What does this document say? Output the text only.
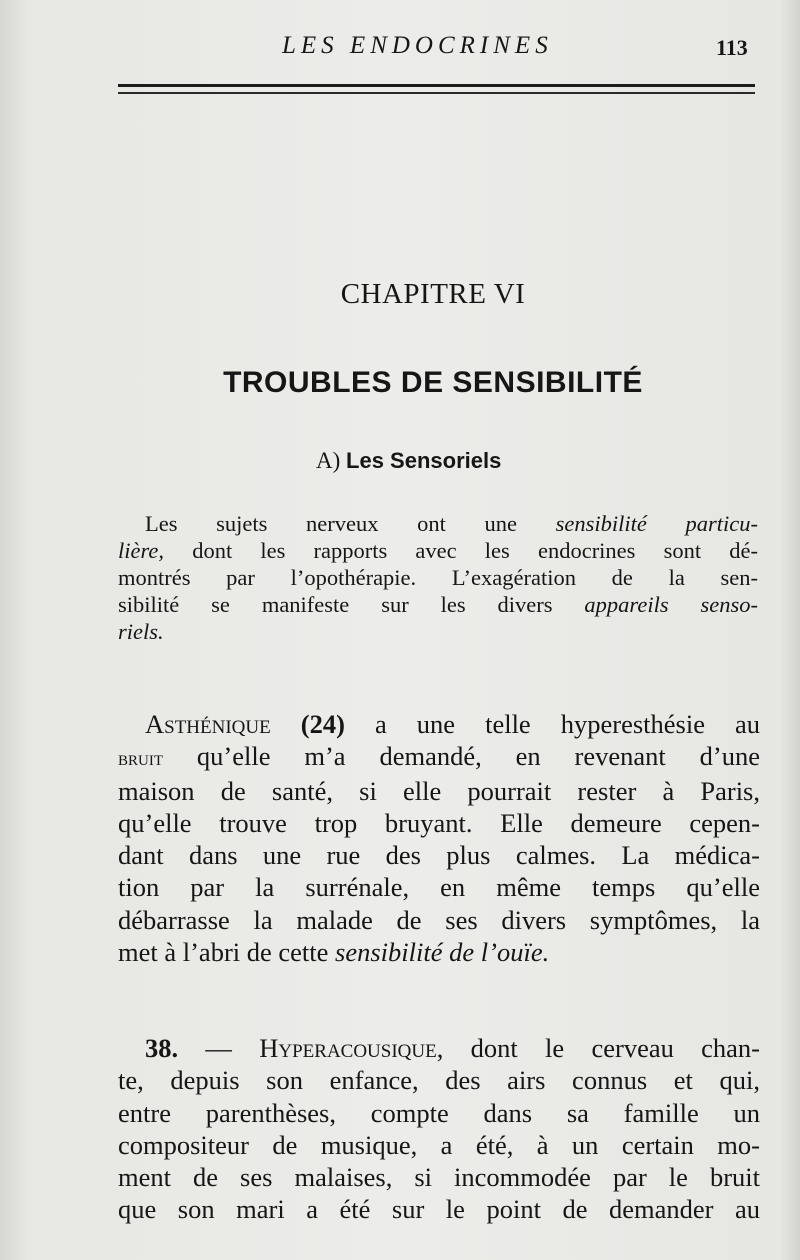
LES ENDOCRINES	113
CHAPITRE VI
TROUBLES DE SENSIBILITÉ
A) Les Sensoriels
Les sujets nerveux ont une sensibilité particu-
lière, dont les rapports avec les endocrines sont dé-
montrés par l’opothérapie. L’exagération de la sen-
sibilité se manifeste sur les divers appareils senso-
riels.
Asthénique (24) a une telle hyperesthésie au
bruit qu’elle m’a demandé, en revenant d’une
maison de santé, si elle pourrait rester à Paris,
qu’elle trouve trop bruyant. Elle demeure cepen-
dant dans une rue des plus calmes. La médica-
tion par la surrénale, en même temps qu’elle
débarrasse la malade de ses divers symptômes, la
met à l’abri de cette sensibilité de l’ouïe.
38. — Hyperacousique, dont le cerveau chan-
te, depuis son enfance, des airs connus et qui,
entre parenthèses, compte dans sa famille un
compositeur de musique, a été, à un certain mo-
ment de ses malaises, si incommodée par le bruit
que son mari a été sur le point de demander au
